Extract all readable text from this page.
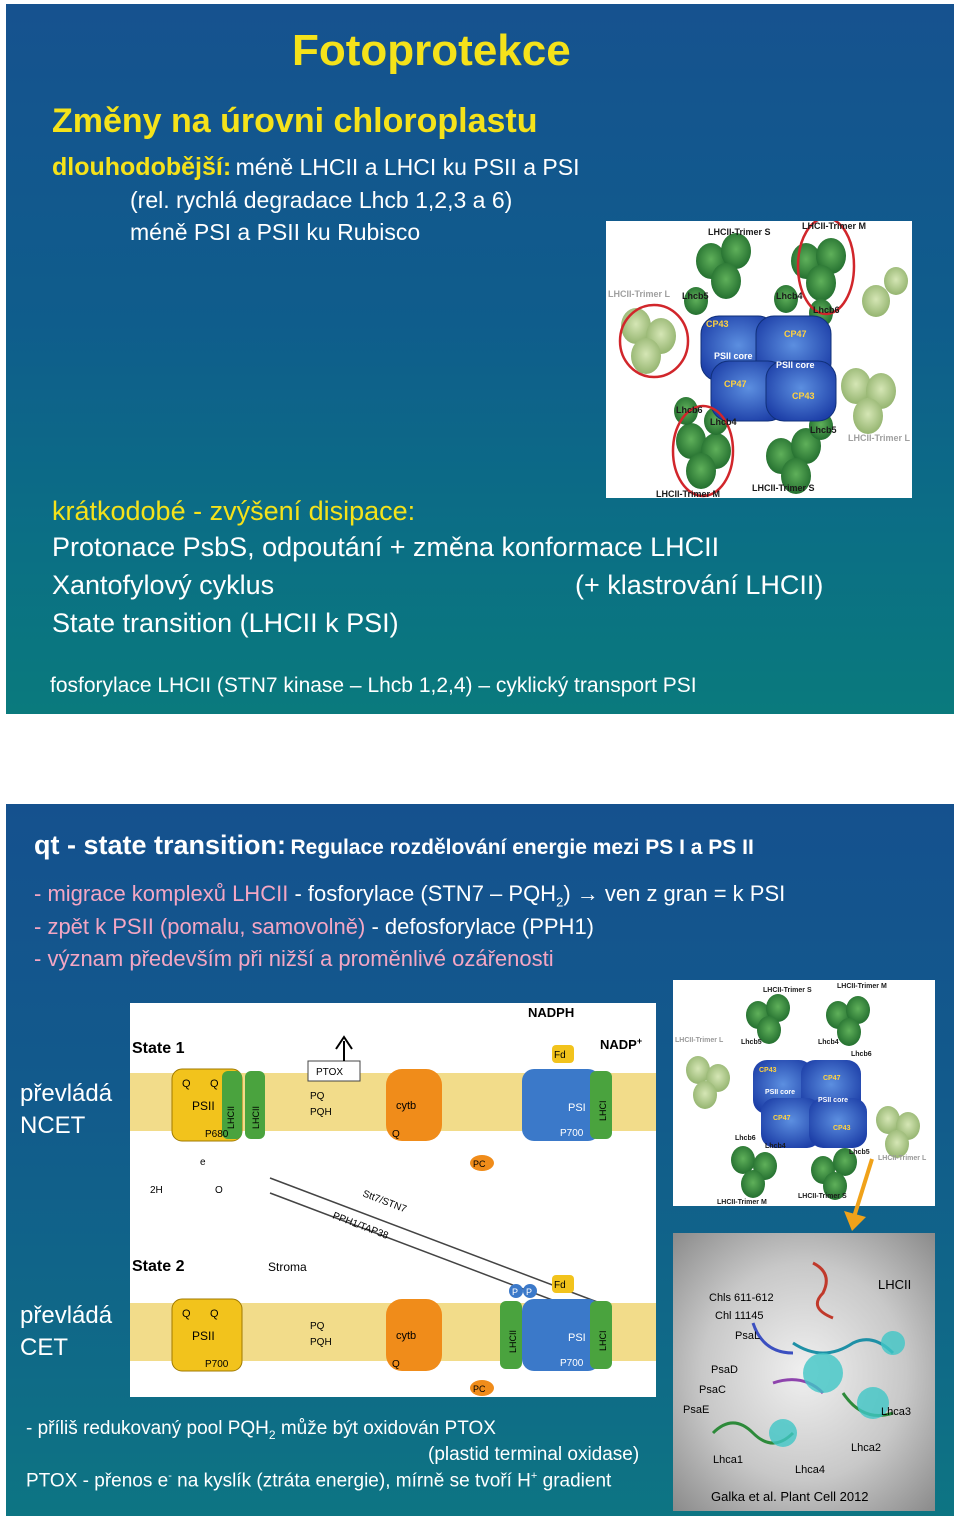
Fotoprotekce
Změny na úrovni chloroplastu
dlouhodobější: méně LHCII a LHCI ku PSII a PSI
(rel. rychlá degradace Lhcb 1,2,3 a 6)
méně PSI a PSII ku Rubisco	LHCII-Trimer S
LHCII-Trimer M
LHCII-Trimer L Lhcb5	Lhcb4
Lhcb6
CP43
CP47
PSII core
PSII core
CP47
CP43
Lhcb6
Lhcb4
Lhcb5
LHCII-Trimer L
LHCII-Trimer M
LHCII-Trimer S
krátkodobé - zvýšení disipace:
Protonace PsbS, odpoutání + změna konformace LHCII
Xantofylový cyklus	(+ klastrování LHCII)
State transition (LHCII k PSI)
fosforylace LHCII (STN7 kinase – Lhcb 1,2,4) – cyklický transport PSI
qt - state transition: Regulace rozdělování energie mezi PS I a PS II
- migrace komplexů LHCII - fosforylace $(STN7 - PQH_2)$ → ven z gran = k PSI
- zpět k PSII (pomalu, samovolně) - defosforylace (PPH1)
- význam především při nižší a proměnlivé ozářenosti
převládá
NCET
převládá
CET
State 1
State 2
NADPH
NADP+
Stroma
PSII
Q Q
P680
LHCII LHCII
PTOX
PQ
PQH
cytb
Q
PSI
P700
LHCI
Fd
PC
e
2H	O	Stt7/STN7
PPH1/TAP38
PSII
Q Q
P700
PQ
PQH
cytb
Q
LHCII
P P
PSI
P700
LHCI
Fd
PC
LHCII-Trimer S
LHCII-Trimer M
LHCII-Trimer L	Lhcb5	Lhcb4
Lhcb6
CP43
CP47
PSII core
PSII core
CP47
CP43
Lhcb6
Lhcb4
Lhcb5
LHCII-Trimer L
LHCII-Trimer M
LHCII-Trimer S
LHCII
Chls 611-612
Chl 11145
PsaL
PsaD
PsaC
PsaE	Lhca3
Lhca2
Lhca1
Lhca4
Galka et al. Plant Cell 2012
- příliš redukovaný pool $PQH_2$ může být oxidován PTOX
(plastid terminal oxidase)
PTOX - přenos e- na kyslík (ztráta energie), mírně se tvoří H+ gradient
